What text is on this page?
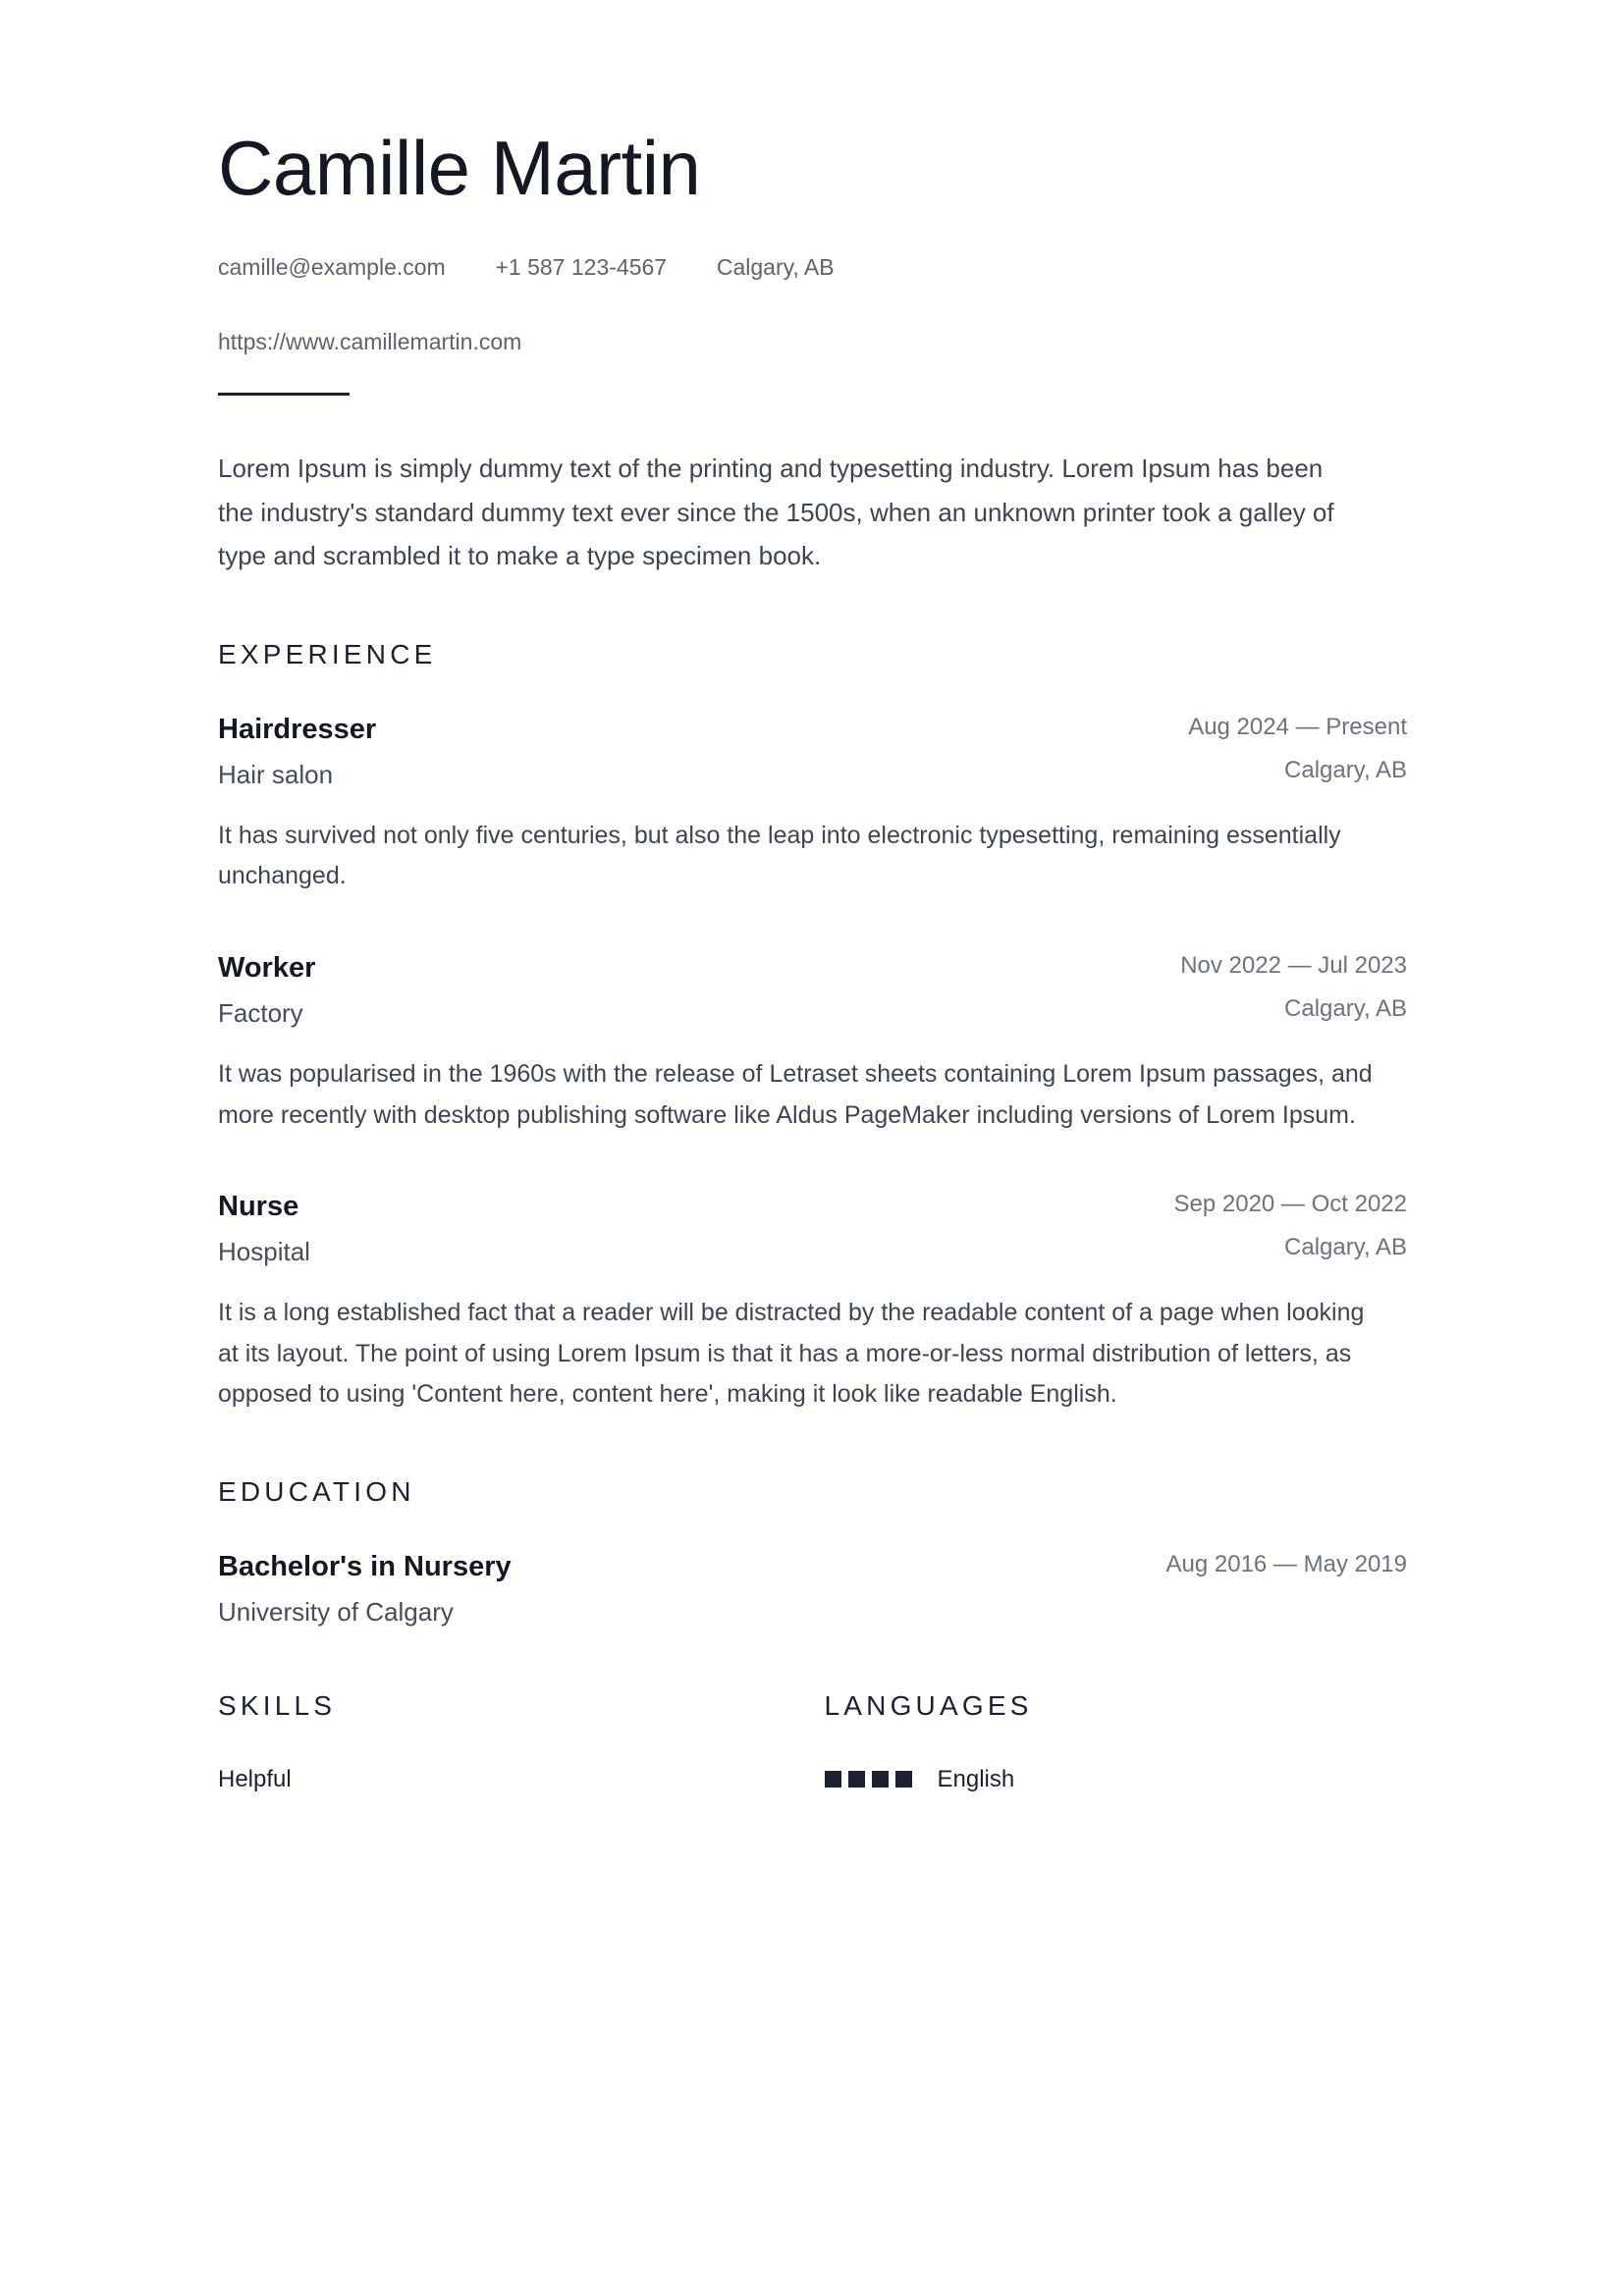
Camille Martin
camille@example.com +1 587 123-4567 Calgary, AB
https://www.camillemartin.com

Lorem Ipsum is simply dummy text of the printing and typesetting industry. Lorem Ipsum has been the industry's standard dummy text ever since the 1500s, when an unknown printer took a galley of type and scrambled it to make a type specimen book.

EXPERIENCE
Hairdresser
Hair salon
Aug 2024 — Present
Calgary, AB

It has survived not only five centuries, but also the leap into electronic typesetting, remaining essentially unchanged.

Worker
Factory
Nov 2022 — Jul 2023
Calgary, AB

It was popularised in the 1960s with the release of Letraset sheets containing Lorem Ipsum passages, and more recently with desktop publishing software like Aldus PageMaker including versions of Lorem Ipsum.

Nurse
Hospital
Sep 2020 — Oct 2022
Calgary, AB

It is a long established fact that a reader will be distracted by the readable content of a page when looking at its layout. The point of using Lorem Ipsum is that it has a more-or-less normal distribution of letters, as opposed to using 'Content here, content here', making it look like readable English.

EDUCATION
Bachelor's in Nursery
University of Calgary
Aug 2016 — May 2019
SKILLS
Helpful
LANGUAGES
English
